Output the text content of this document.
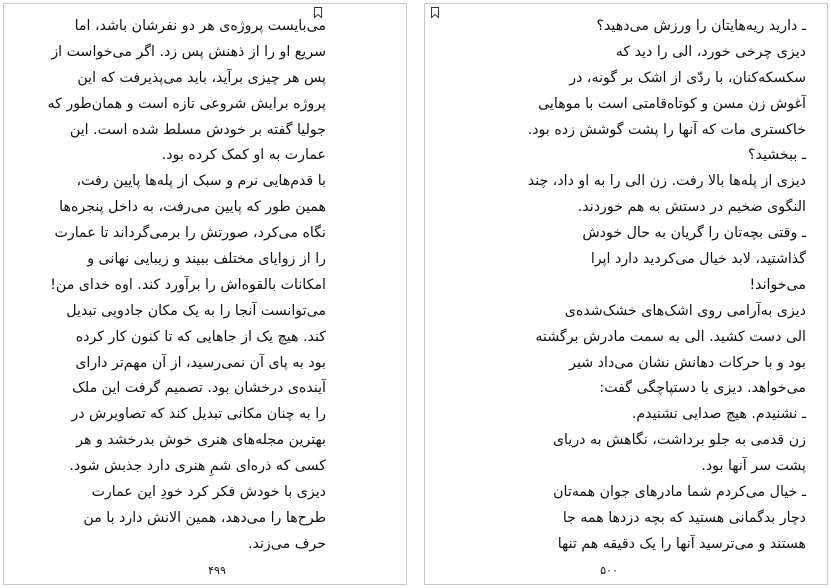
می‌بایست پروژه‌ی هر دو نفرشان باشد، اما
سریع او را از ذهنش پس زد. اگر می‌خواست از
پس هر چیزی برآید، باید می‌پذیرفت که این
پروژه برایش شروعی تازه است و همان‌طور که
جولیا گفته بر خودش مسلط شده است. این
عمارت به او کمک کرده بود.
با قدم‌هایی نرم و سبک از پله‌ها پایین رفت،
همین طور که پایین می‌رفت، به داخل پنجره‌ها
نگاه می‌کرد، صورتش را برمی‌گرداند تا عمارت
را از زوایای مختلف ببیند و زیبایی نهانی و
امکانات بالقوه‌اش را برآورد کند. اوه خدای من!
می‌توانست آنجا را به یک مکان جادویی تبدیل
کند. هیچ یک از جاهایی که تا کنون کار کرده
بود به پای آن نمی‌رسید، از آن مهم‌تر دارای
آینده‌ی درخشان بود. تصمیم گرفت این ملک
را به چنان مکانی تبدیل کند که تصاویرش در
بهترین مجله‌های هنری خوش بدرخشد و هر
کسی که ذره‌ای شمِ هنری دارد جذبش شود.
دیزی با خودش فکر کرد خودِ این عمارت
طرح‌ها را می‌دهد، همین الانش دارد با من
حرف می‌زند.
۴۹۹
ـ دارید ریه‌هایتان را ورزش می‌دهید؟
دیزی چرخی خورد، الی را دید که
سکسکه‌کنان، با ردّی از اشک بر گونه، در
آغوش زن مسن و کوتاه‌قامتی است با موهایی
خاکستری مات که آنها را پشت گوشش زده بود.
ـ ببخشید؟
دیزی از پله‌ها بالا رفت. زن الی را به او داد، چند
النگوی ضخیم در دستش به هم خوردند.
ـ وقتی بچه‌تان را گریان به حال خودش
گذاشتید، لابد خیال می‌کردید دارد اپرا
می‌خواند!
دیزی به‌آرامی روی اشک‌های خشک‌شده‌ی
الی دست کشید. الی به سمت مادرش برگشته
بود و با حرکات دهانش نشان می‌داد شیر
می‌خواهد. دیزی با دستپاچگی گفت:
ـ نشنیدم. هیچ صدایی نشنیدم.
زن قدمی به جلو برداشت، نگاهش به دریای
پشت سر آنها بود.
ـ خیال می‌کردم شما مادرهای جوان همه‌تان
دچار بدگمانی هستید که بچه دزدها همه جا
هستند و می‌ترسید آنها را یک دقیقه هم تنها
۵۰۰
